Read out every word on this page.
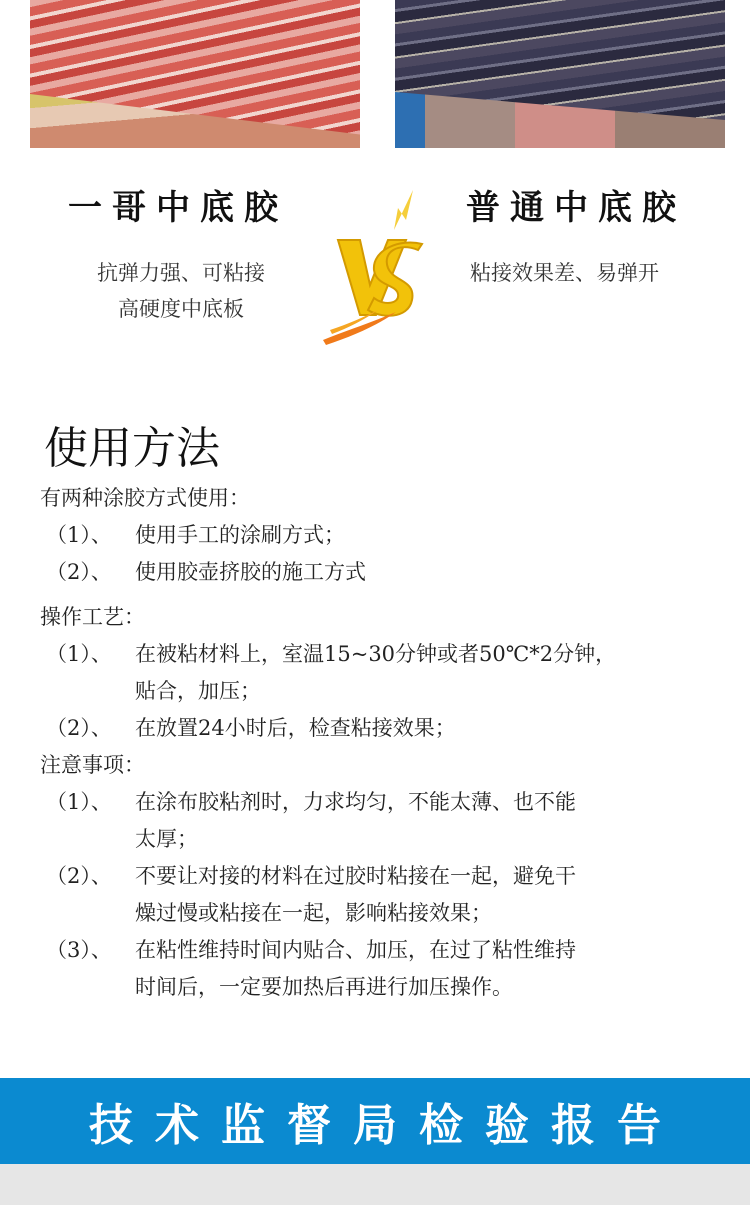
一哥中底胶
抗弹力强、可粘接
高硬度中底板
普通中底胶
粘接效果差、易弹开
使用方法
有两种涂胶方式使用：
（1）、	使用手工的涂刷方式；
（2）、	使用胶壶挤胶的施工方式
操作工艺：
（1）、	在被粘材料上，室温15~30分钟或者50℃*2分钟，
贴合，加压；
（2）、	在放置24小时后，检查粘接效果；
注意事项：
（1）、	在涂布胶粘剂时，力求均匀，不能太薄、也不能
太厚；
（2）、	不要让对接的材料在过胶时粘接在一起，避免干
燥过慢或粘接在一起，影响粘接效果；
（3）、	在粘性维持时间内贴合、加压，在过了粘性维持
时间后，一定要加热后再进行加压操作。
技术监督局检验报告
